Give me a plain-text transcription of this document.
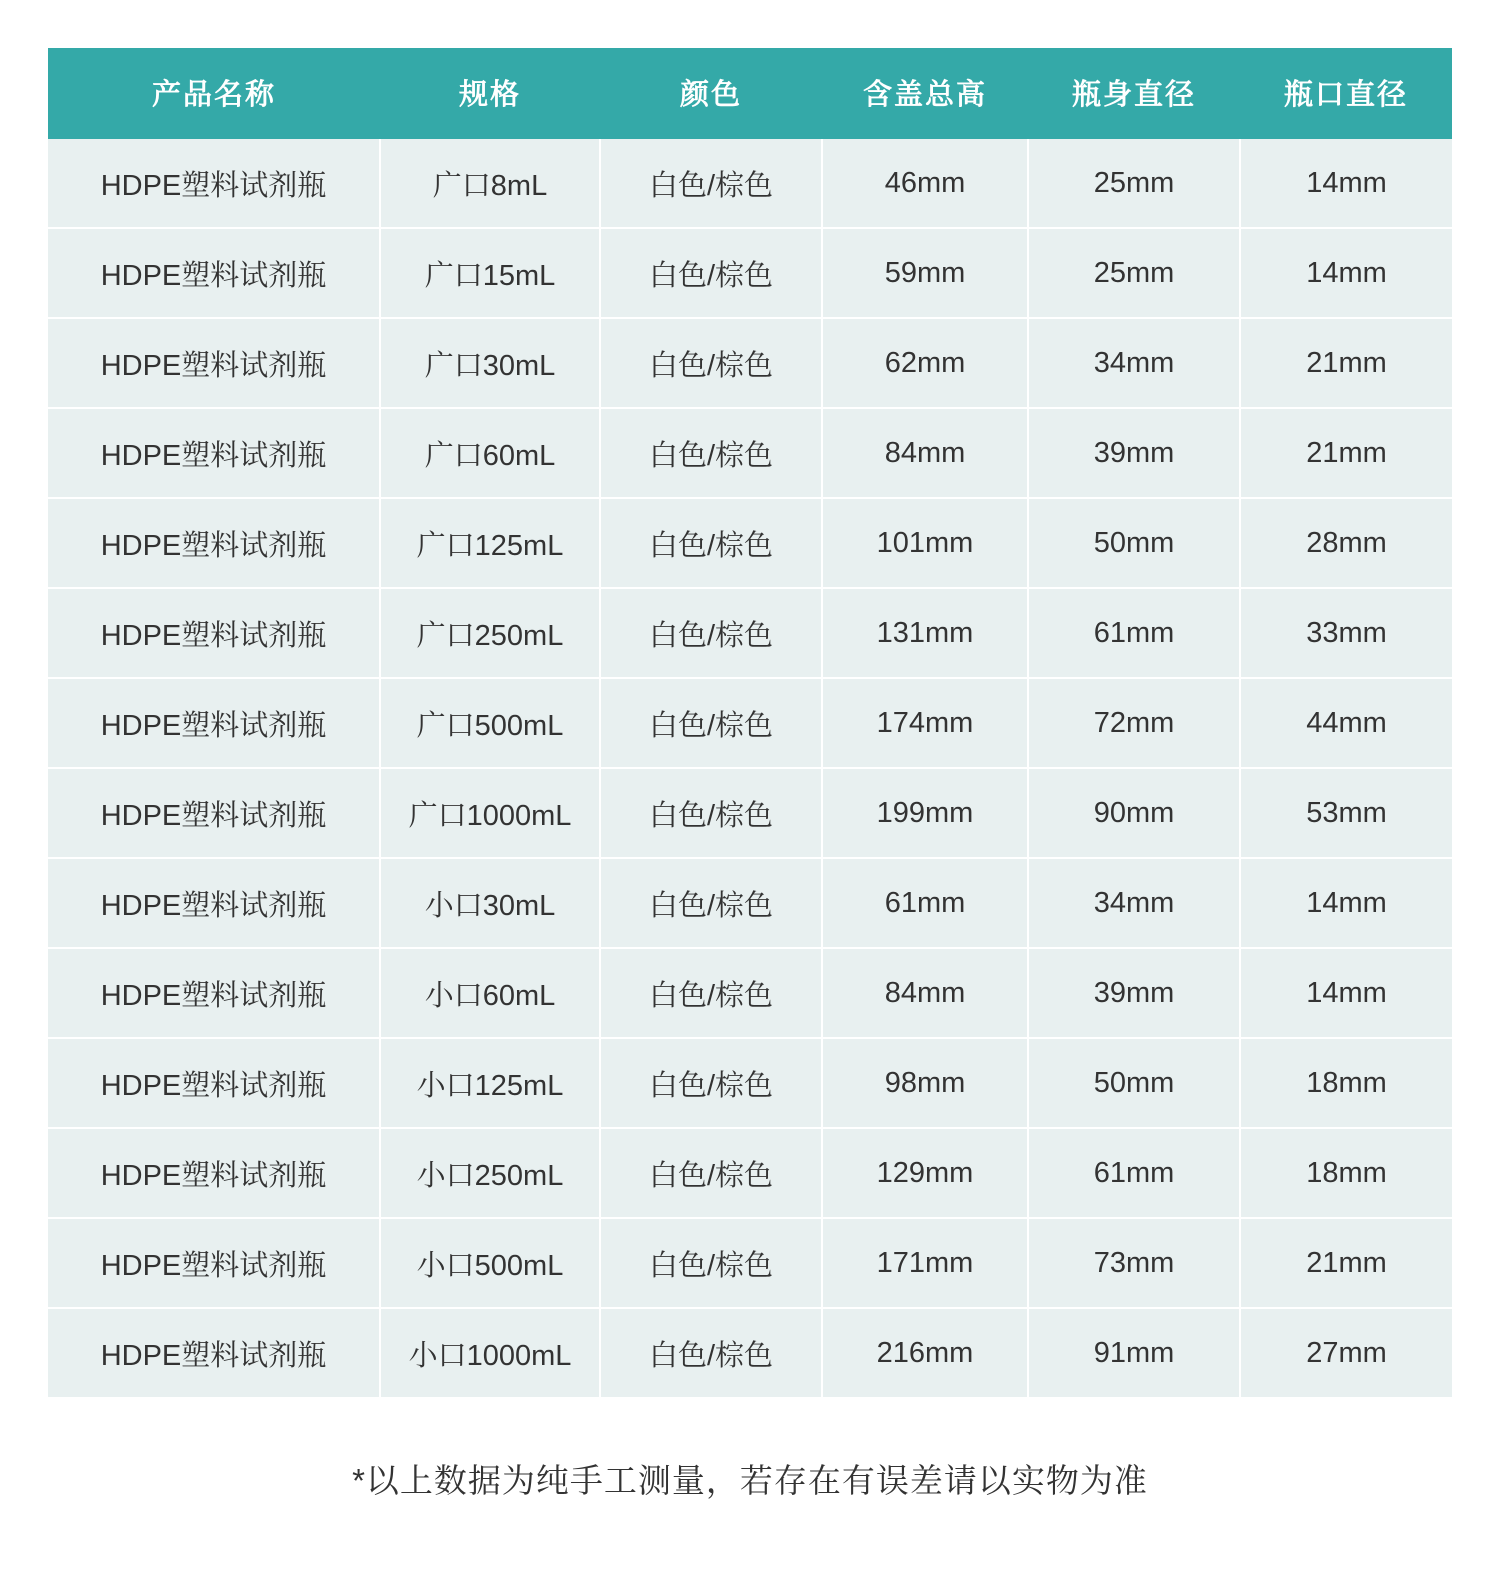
产品名称	规格	颜色	含盖总高	瓶身直径	瓶口直径
HDPE塑料试剂瓶	广口8mL	白色/棕色	46mm	25mm	14mm
HDPE塑料试剂瓶	广口15mL	白色/棕色	59mm	25mm	14mm
HDPE塑料试剂瓶	广口30mL	白色/棕色	62mm	34mm	21mm
HDPE塑料试剂瓶	广口60mL	白色/棕色	84mm	39mm	21mm
HDPE塑料试剂瓶	广口125mL	白色/棕色	101mm	50mm	28mm
HDPE塑料试剂瓶	广口250mL	白色/棕色	131mm	61mm	33mm
HDPE塑料试剂瓶	广口500mL	白色/棕色	174mm	72mm	44mm
HDPE塑料试剂瓶	广口1000mL	白色/棕色	199mm	90mm	53mm
HDPE塑料试剂瓶	小口30mL	白色/棕色	61mm	34mm	14mm
HDPE塑料试剂瓶	小口60mL	白色/棕色	84mm	39mm	14mm
HDPE塑料试剂瓶	小口125mL	白色/棕色	98mm	50mm	18mm
HDPE塑料试剂瓶	小口250mL	白色/棕色	129mm	61mm	18mm
HDPE塑料试剂瓶	小口500mL	白色/棕色	171mm	73mm	21mm
HDPE塑料试剂瓶	小口1000mL	白色/棕色	216mm	91mm	27mm
*以上数据为纯手工测量，若存在有误差请以实物为准
